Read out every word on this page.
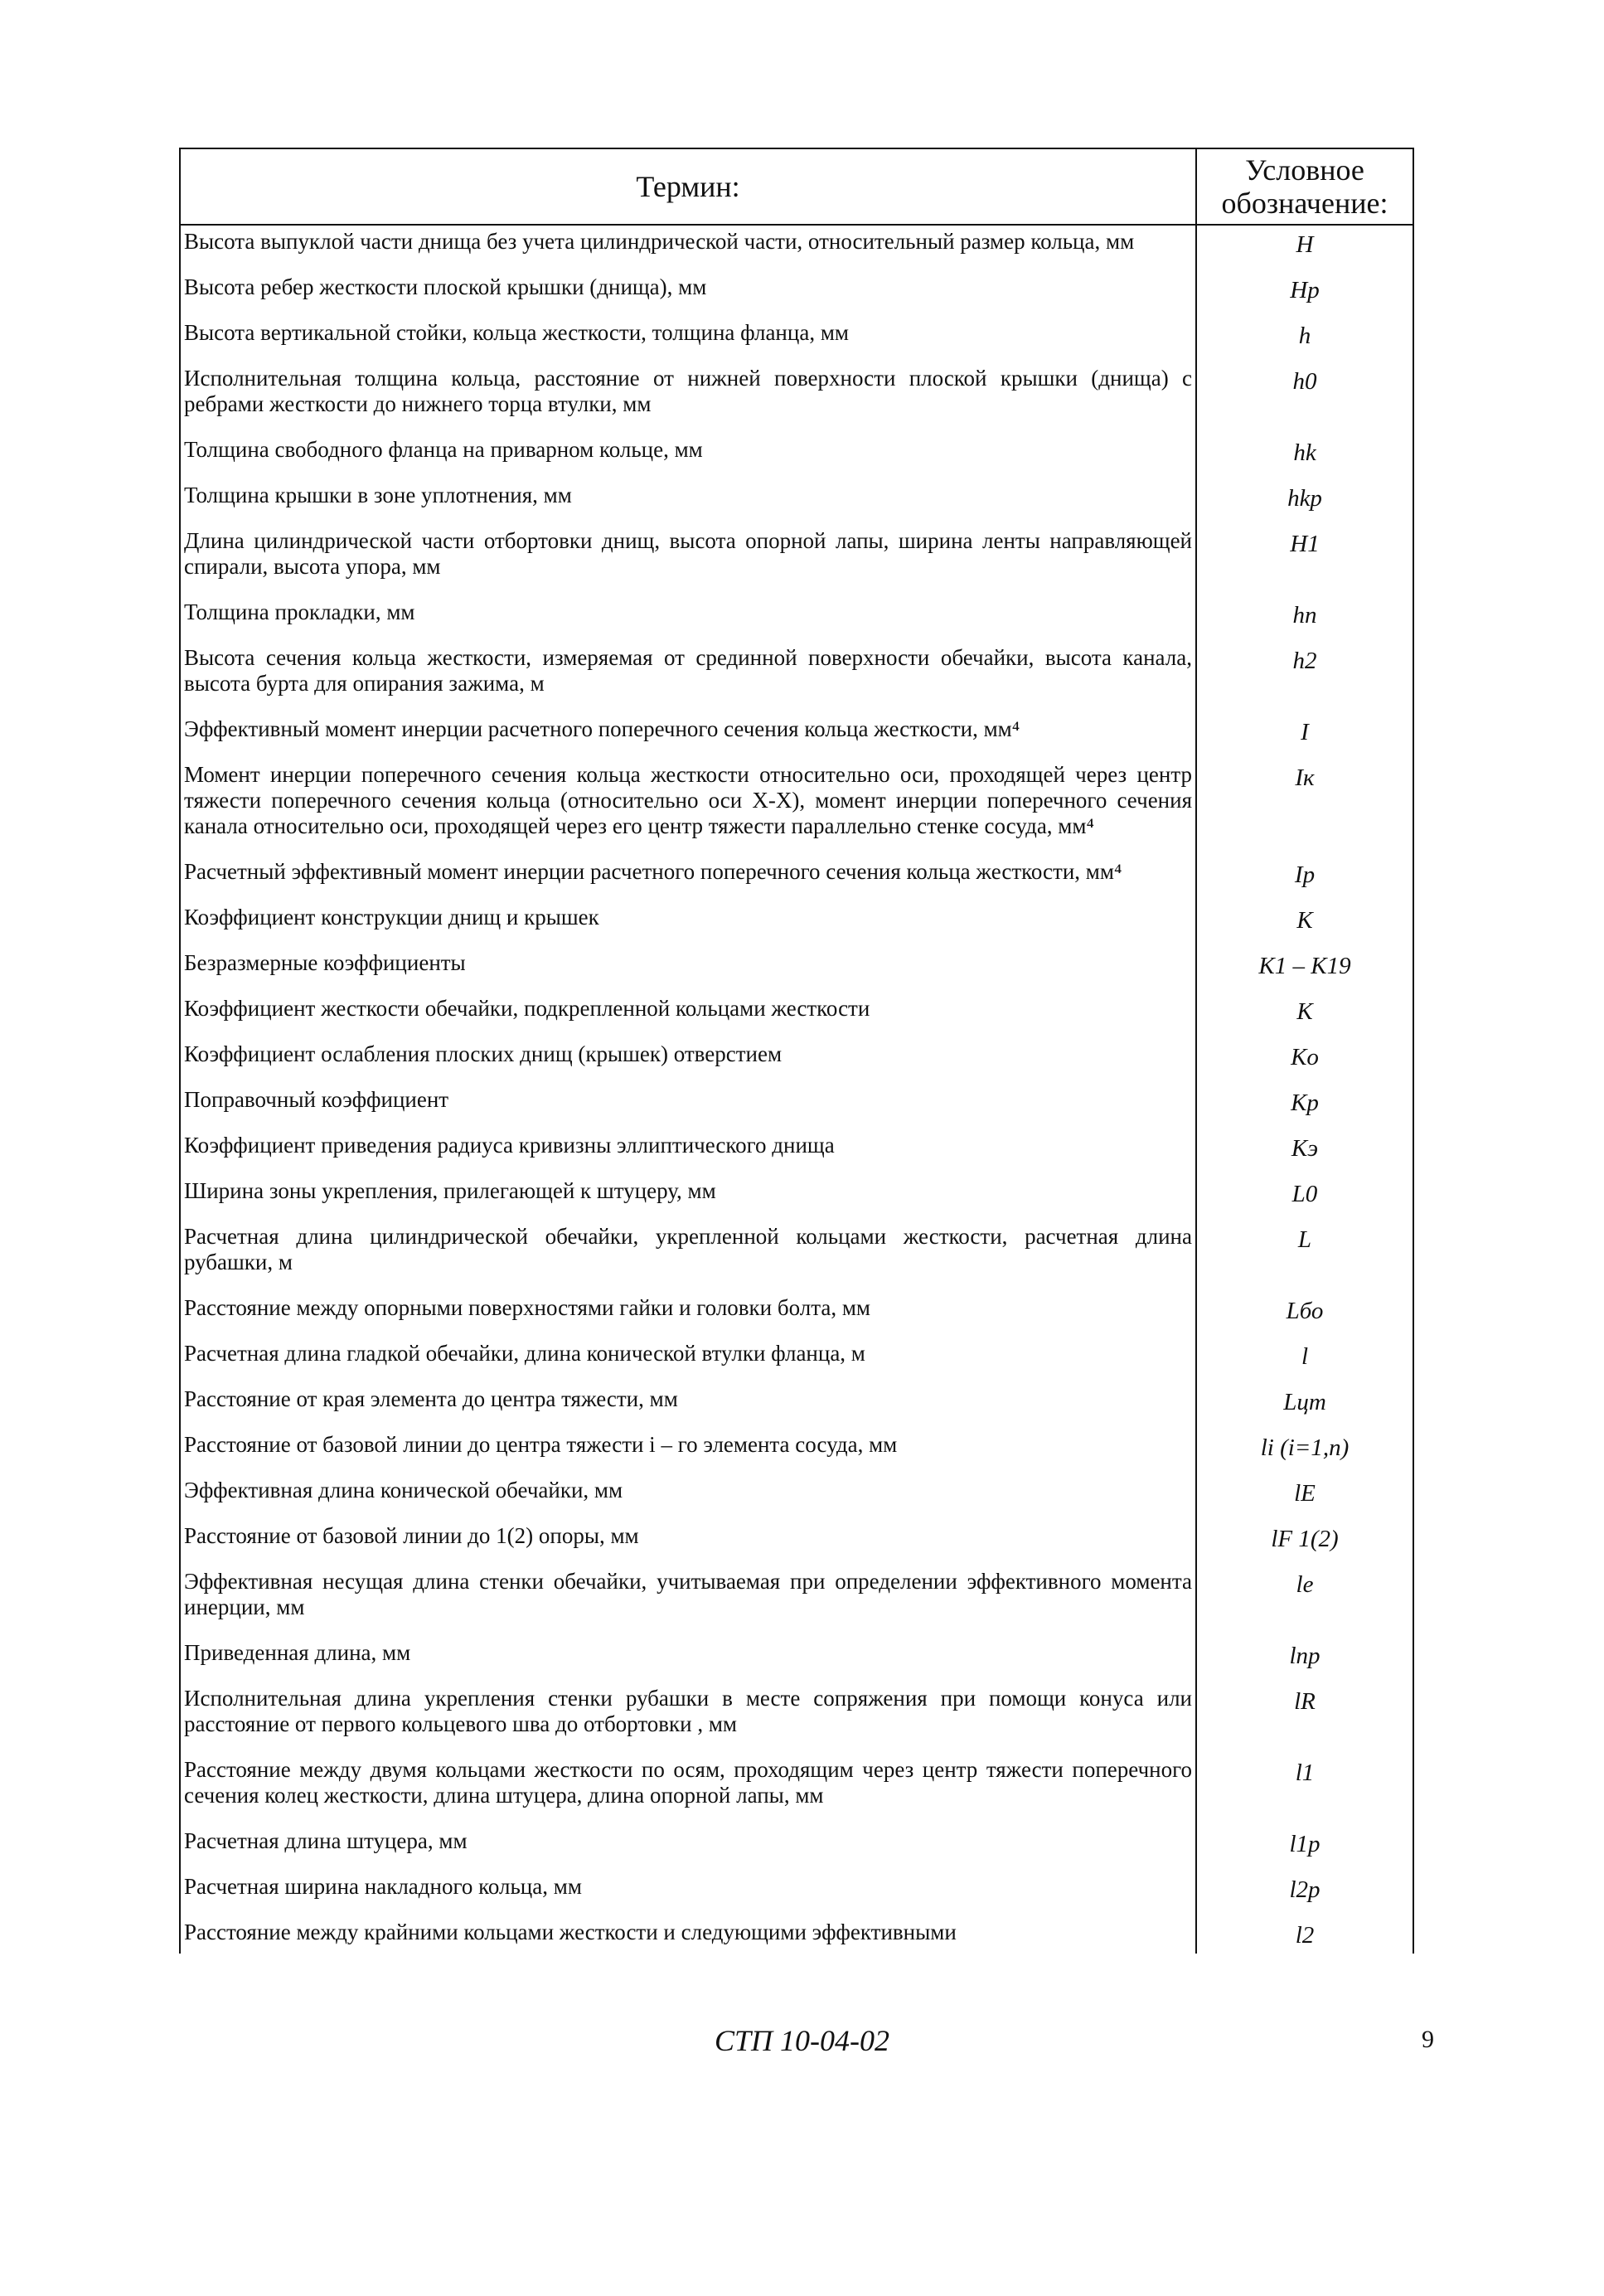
Термин:	Условное обозначение:
Высота выпуклой части днища без учета цилиндрической части, относительный размер кольца, мм	H
Высота ребер жесткости плоской крышки (днища), мм	Hр
Высота вертикальной стойки, кольца жесткости, толщина фланца, мм	h
Исполнительная толщина кольца, расстояние от нижней поверхности плоской крышки (днища) с ребрами жесткости до нижнего торца втулки, мм	h0
Толщина свободного фланца на приварном кольце, мм	hk
Толщина крышки в зоне уплотнения, мм	hkp
Длина цилиндрической части отбортовки днищ, высота опорной лапы, ширина ленты направляющей спирали, высота упора, мм	H1
Толщина прокладки, мм	hn
Высота сечения кольца жесткости, измеряемая от срединной поверхности обечайки, высота канала, высота бурта для опирания зажима, м	h2
Эффективный момент инерции расчетного поперечного сечения кольца жесткости, мм⁴	I
Момент инерции поперечного сечения кольца жесткости относительно оси, проходящей через центр тяжести поперечного сечения кольца (относительно оси X-X), момент инерции поперечного сечения канала относительно оси, проходящей через его центр тяжести параллельно стенке сосуда, мм⁴	Iк
Расчетный эффективный момент инерции расчетного поперечного сечения кольца жесткости, мм⁴	Iр
Коэффициент конструкции днищ и крышек	K
Безразмерные коэффициенты	K1 – K19
Коэффициент жесткости обечайки, подкрепленной кольцами жесткости	K
Коэффициент ослабления плоских днищ (крышек) отверстием	Ko
Поправочный коэффициент	Kр
Коэффициент приведения радиуса кривизны эллиптического днища	Kэ
Ширина зоны укрепления, прилегающей к штуцеру, мм	L0
Расчетная длина цилиндрической обечайки, укрепленной кольцами жесткости, расчетная длина рубашки, м	L
Расстояние между опорными поверхностями гайки и головки болта, мм	Lбо
Расчетная длина гладкой обечайки, длина конической втулки фланца, м	l
Расстояние от края элемента до центра тяжести, мм	Lцт
Расстояние от базовой линии до центра тяжести i – го элемента сосуда, мм	li (i=1,n)
Эффективная длина конической обечайки, мм	lE
Расстояние от базовой линии до 1(2) опоры, мм	lF 1(2)
Эффективная несущая длина стенки обечайки, учитываемая при определении эффективного момента инерции, мм	le
Приведенная длина, мм	lпр
Исполнительная длина укрепления стенки рубашки в месте сопряжения при помощи конуса или расстояние от первого кольцевого шва до отбортовки , мм	lR
Расстояние между двумя кольцами жесткости по осям, проходящим через центр тяжести поперечного сечения колец жесткости, длина штуцера, длина опорной лапы, мм	l1
Расчетная длина штуцера, мм	l1р
Расчетная ширина накладного кольца, мм	l2р
Расстояние между крайними кольцами жесткости и следующими эффективными	l2
СТП 10-04-02	9
